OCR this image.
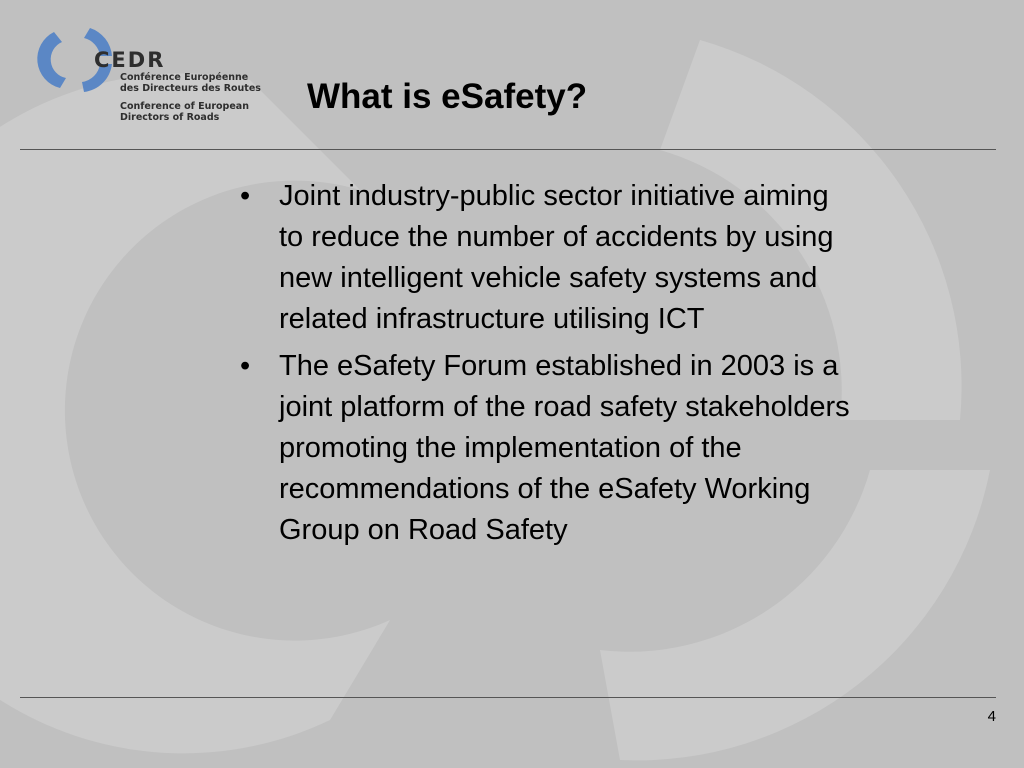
CEDR
Conférence Européenne
des Directeurs des Routes
Conference of European
Directors of Roads
What is eSafety?
• Joint industry-public sector initiative aiming
to reduce the number of accidents by using
new intelligent vehicle safety systems and
related infrastructure utilising ICT
• The eSafety Forum established in 2003 is a
joint platform of the road safety stakeholders
promoting the implementation of the
recommendations of the eSafety Working
Group on Road Safety
4
